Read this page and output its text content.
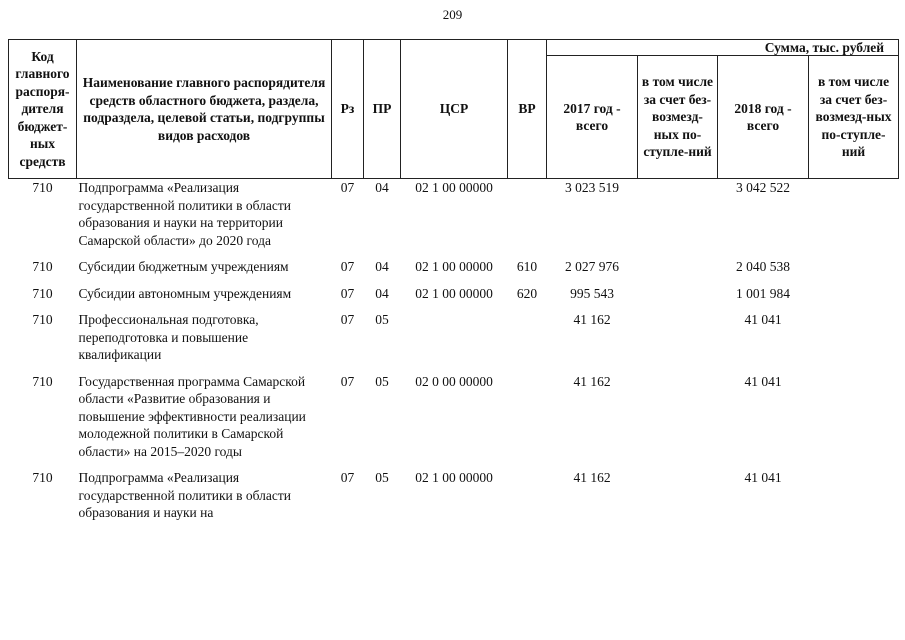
209
Код главного распоря-дителя бюджет-ных средств	Наименование главного распорядителя средств областного бюджета, раздела, подраздела, целевой статьи, подгруппы видов расходов	Рз	ПР	ЦСР	ВР	Сумма, тыс. рублей			
						2017 год - всего	в том числе за счет без-возмезд-ных по-ступле-ний	2018 год - всего	в том числе за счет без-возмезд-ных по-ступле-ний
710	Подпрограмма «Реализация государственной политики в области образования и науки на территории Самарской области» до 2020 года	07	04	02 1 00 00000		3 023 519		3 042 522	
710	Субсидии бюджетным учреждениям	07	04	02 1 00 00000	610	2 027 976		2 040 538	
710	Субсидии автономным учреждениям	07	04	02 1 00 00000	620	995 543		1 001 984	
710	Профессиональная подготовка, переподготовка и повышение квалификации	07	05			41 162		41 041	
710	Государственная программа Самарской области «Развитие образования и повышение эффективности реализации молодежной политики в Самарской области» на 2015–2020 годы	07	05	02 0 00 00000		41 162		41 041	
710	Подпрограмма «Реализация государственной политики в области образования и науки на	07	05	02 1 00 00000		41 162		41 041	
